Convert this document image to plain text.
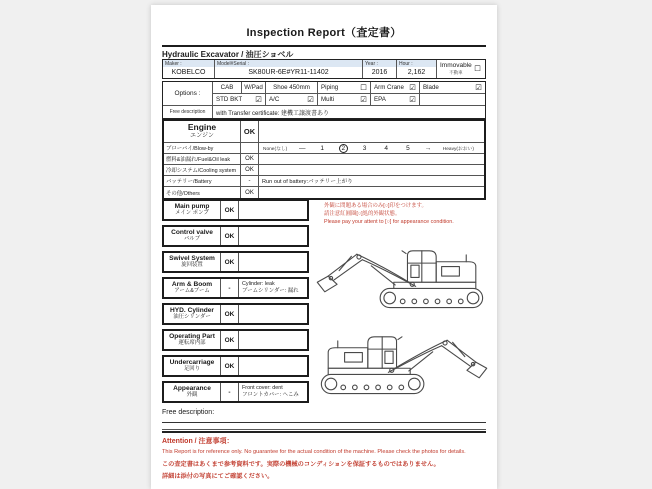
Inspection Report（査定書）
Hydraulic Excavator / 油圧ショベル
Maker :
KOBELCO
Model#Serial :
SK80UR-6E#YR11-11402
Year :
2016
Hour :
2,162
Immovable
不動車 ☐
Options :
CAB	W/Pad	Shoe 450mm	Piping	☐ Arm Crane ☑ Blade	☑
STD BKT ☑ A/C	☑ Multi	☑ EPA	☑
Free description	with Transfer certificate: 建機工譲渡書あり
Engine
エンジン	OK
ブローバイ/Blow-by	None(なし) —	1	2	3	4	5	→ Heavy(おおい)
燃料&油漏れ/Fuel&Oil leak	OK
冷却システム/Cooling system	OK
バッテリー/Battery	-	Run out of battery:バッテリー上がり
その他/Others	OK
Main pump
メイン ポンプ	OK
Control valve
バルブ	OK
Swivel System
旋回装置	OK
Arm & Boom
アーム&ブーム	-
Cylinder: leak
ブームシリンダー: 漏れ
HYD. Cylinder
油圧シリンダー	OK
Operating Part
運転席内部	OK
Undercarriage
足回り	OK
Appearance
外観	-
Front cover: dent
フロントカバー: へこみ
外観に問題ある場合のみ[○]印をつけます。
請注意紅圓圈[○]処的外観状態。
Please pay your attent to [○] for appearance condition.
Free description:
Attention / 注意事項：
This Report is for reference only. No guarantee for the actual condition of the machine. Please check the photos for details.
この査定書はあくまで参考資料です。実際の機械のコンディションを保証するものではありません。
詳細は添付の写真にてご確認ください。
